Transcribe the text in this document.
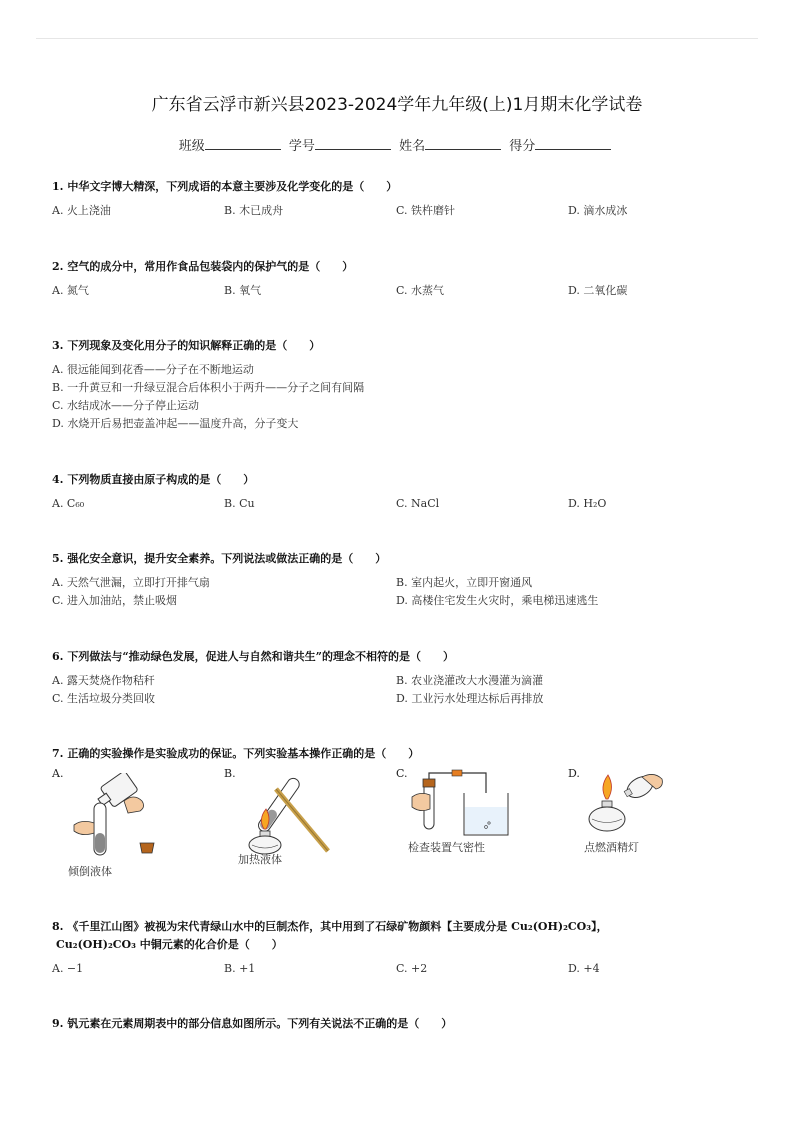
广东省云浮市新兴县2023-2024学年九年级(上)1月期末化学试卷
班级	学号	姓名	得分
1. 中华文字博大精深，下列成语的本意主要涉及化学变化的是（　　）
A. 火上浇油	B. 木已成舟	C. 铁杵磨针	D. 滴水成冰
2. 空气的成分中，常用作食品包装袋内的保护气的是（　　）
A. 氮气	B. 氧气	C. 水蒸气	D. 二氧化碳
3. 下列现象及变化用分子的知识解释正确的是（　　）
A. 很远能闻到花香——分子在不断地运动
B. 一升黄豆和一升绿豆混合后体积小于两升——分子之间有间隔
C. 水结成冰——分子停止运动
D. 水烧开后易把壶盖冲起——温度升高，分子变大
4. 下列物质直接由原子构成的是（　　）
A. C₆₀	B. Cu	C. NaCl	D. H₂O
5. 强化安全意识，提升安全素养。下列说法或做法正确的是（　　）
A. 天然气泄漏，立即打开排气扇	B. 室内起火，立即开窗通风
C. 进入加油站，禁止吸烟	D. 高楼住宅发生火灾时，乘电梯迅速逃生
6. 下列做法与“推动绿色发展，促进人与自然和谐共生”的理念不相符的是（　　）
A. 露天焚烧作物秸秆	B. 农业浇灌改大水漫灌为滴灌
C. 生活垃圾分类回收	D. 工业污水处理达标后再排放
7. 正确的实验操作是实验成功的保证。下列实验基本操作正确的是（　　）
A.
倾倒液体
B.
加热液体
C.
检查装置气密性
D.
点燃酒精灯
8. 《千里江山图》被视为宋代青绿山水中的巨制杰作，其中用到了石绿矿物颜料【主要成分是 Cu₂(OH)₂CO₃】，
Cu₂(OH)₂CO₃ 中铜元素的化合价是（　　）
A. −1	B. +1	C. +2	D. +4
9. 钒元素在元素周期表中的部分信息如图所示。下列有关说法不正确的是（　　）
